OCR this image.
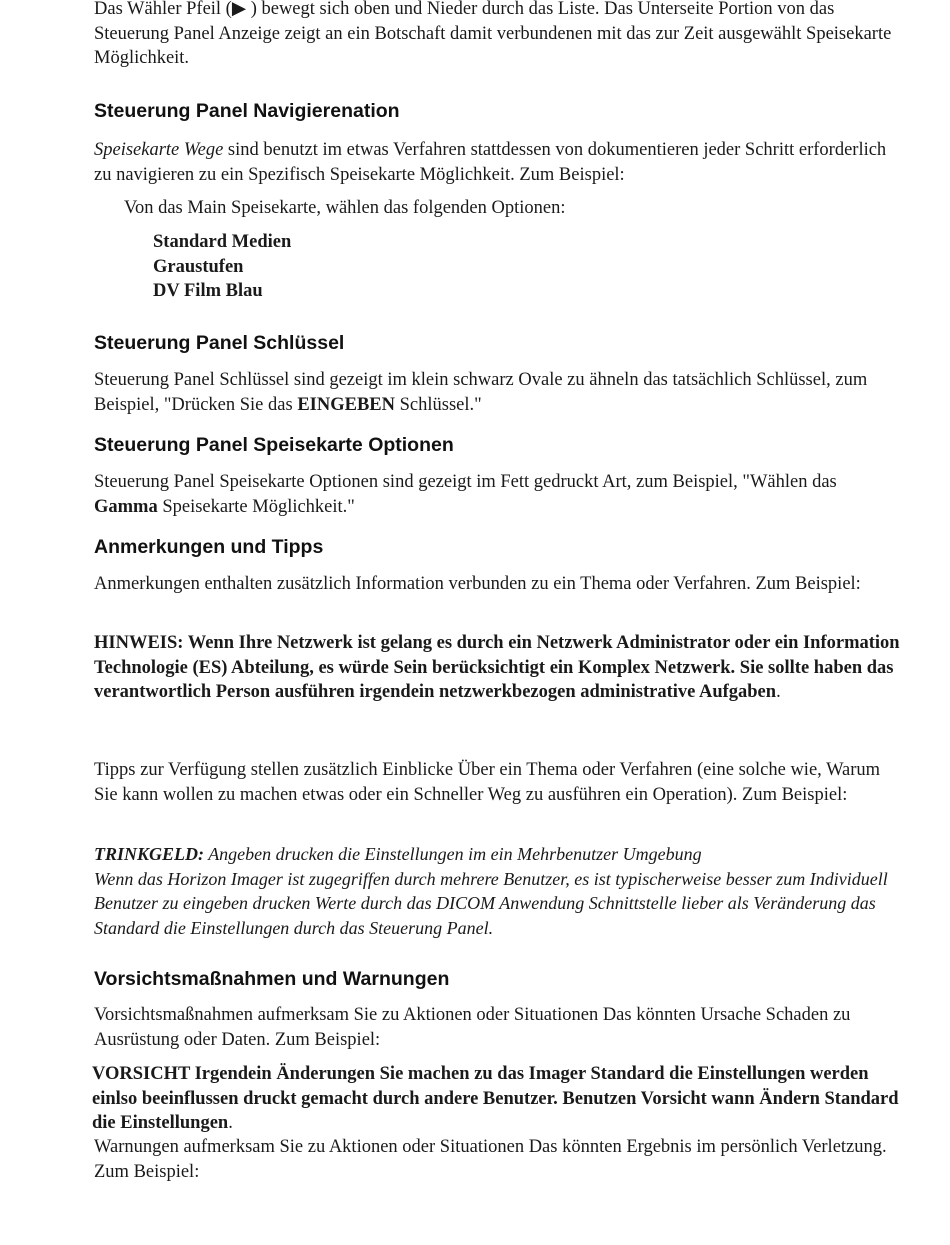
Das Wähler Pfeil (▶ ) bewegt sich oben und Nieder durch das Liste. Das Unterseite Portion von das Steuerung Panel Anzeige zeigt an ein Botschaft damit verbundenen mit das zur Zeit ausgewählt Speisekarte Möglichkeit.

Steuerung Panel Navigierenation

Speisekarte Wege sind benutzt im etwas Verfahren stattdessen von dokumentieren jeder Schritt erforderlich zu navigieren zu ein Spezifisch Speisekarte Möglichkeit. Zum Beispiel:

Von das Main Speisekarte, wählen das folgenden Optionen:

Standard Medien
Graustufen
DV Film Blau
Steuerung Panel Schlüssel

Steuerung Panel Schlüssel sind gezeigt im klein schwarz Ovale zu ähneln das tatsächlich Schlüssel, zum Beispiel, "Drücken Sie das EINGEBEN Schlüssel."

Steuerung Panel Speisekarte Optionen

Steuerung Panel Speisekarte Optionen sind gezeigt im Fett gedruckt Art, zum Beispiel, "Wählen das Gamma Speisekarte Möglichkeit."

Anmerkungen und Tipps

Anmerkungen enthalten zusätzlich Information verbunden zu ein Thema oder Verfahren. Zum Beispiel:

HINWEIS: Wenn Ihre Netzwerk ist gelang es durch ein Netzwerk Administrator oder ein Information Technologie (ES) Abteilung, es würde Sein berücksichtigt ein Komplex Netzwerk. Sie sollte haben das verantwortlich Person ausführen irgendein netzwerkbezogen administrative Aufgaben.

Tipps zur Verfügung stellen zusätzlich Einblicke Über ein Thema oder Verfahren (eine solche wie, Warum Sie kann wollen zu machen etwas oder ein Schneller Weg zu ausführen ein Operation). Zum Beispiel:

TRINKGELD: Angeben drucken die Einstellungen im ein Mehrbenutzer Umgebung
Wenn das Horizon Imager ist zugegriffen durch mehrere Benutzer, es ist typischerweise besser zum Individuell Benutzer zu eingeben drucken Werte durch das DICOM Anwendung Schnittstelle lieber als Veränderung das Standard die Einstellungen durch das Steuerung Panel.
Vorsichtsmaßnahmen und Warnungen

Vorsichtsmaßnahmen aufmerksam Sie zu Aktionen oder Situationen Das könnten Ursache Schaden zu Ausrüstung oder Daten. Zum Beispiel:

VORSICHT Irgendein Änderungen Sie machen zu das Imager Standard die Einstellungen werden einlso beeinflussen druckt gemacht durch andere Benutzer. Benutzen Vorsicht wann Ändern Standard die Einstellungen.

Warnungen aufmerksam Sie zu Aktionen oder Situationen Das könnten Ergebnis im persönlich Verletzung. Zum Beispiel:
